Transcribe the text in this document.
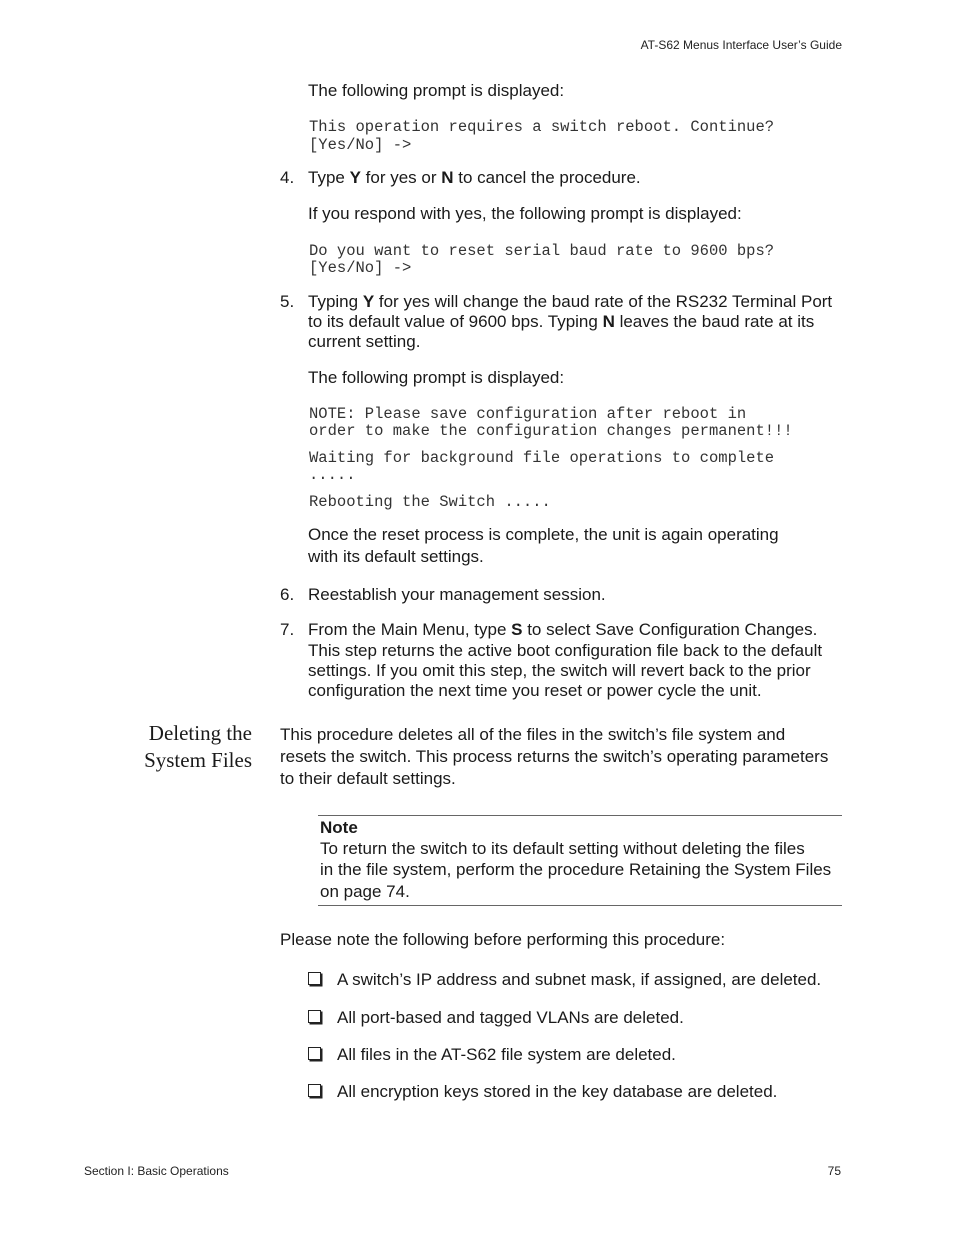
AT-S62 Menus Interface User’s Guide
The following prompt is displayed:
This operation requires a switch reboot. Continue?
[Yes/No] ->
4. Type Y for yes or N to cancel the procedure.
If you respond with yes, the following prompt is displayed:
Do you want to reset serial baud rate to 9600 bps?
[Yes/No] ->
5. Typing Y for yes will change the baud rate of the RS232 Terminal Port
to its default value of 9600 bps. Typing N leaves the baud rate at its
current setting.
The following prompt is displayed:
NOTE: Please save configuration after reboot in
order to make the configuration changes permanent!!!
Waiting for background file operations to complete
.....
Rebooting the Switch .....
Once the reset process is complete, the unit is again operating
with its default settings.
6. Reestablish your management session.
7. From the Main Menu, type S to select Save Configuration Changes.
This step returns the active boot configuration file back to the default
settings. If you omit this step, the switch will revert back to the prior
configuration the next time you reset or power cycle the unit.
Deleting the
System Files
This procedure deletes all of the files in the switch’s file system and
resets the switch. This process returns the switch’s operating parameters
to their default settings.
Note
To return the switch to its default setting without deleting the files
in the file system, perform the procedure Retaining the System Files
on page 74.
Please note the following before performing this procedure:
A switch’s IP address and subnet mask, if assigned, are deleted.
All port-based and tagged VLANs are deleted.
All files in the AT-S62 file system are deleted.
All encryption keys stored in the key database are deleted.
Section I: Basic Operations	75
